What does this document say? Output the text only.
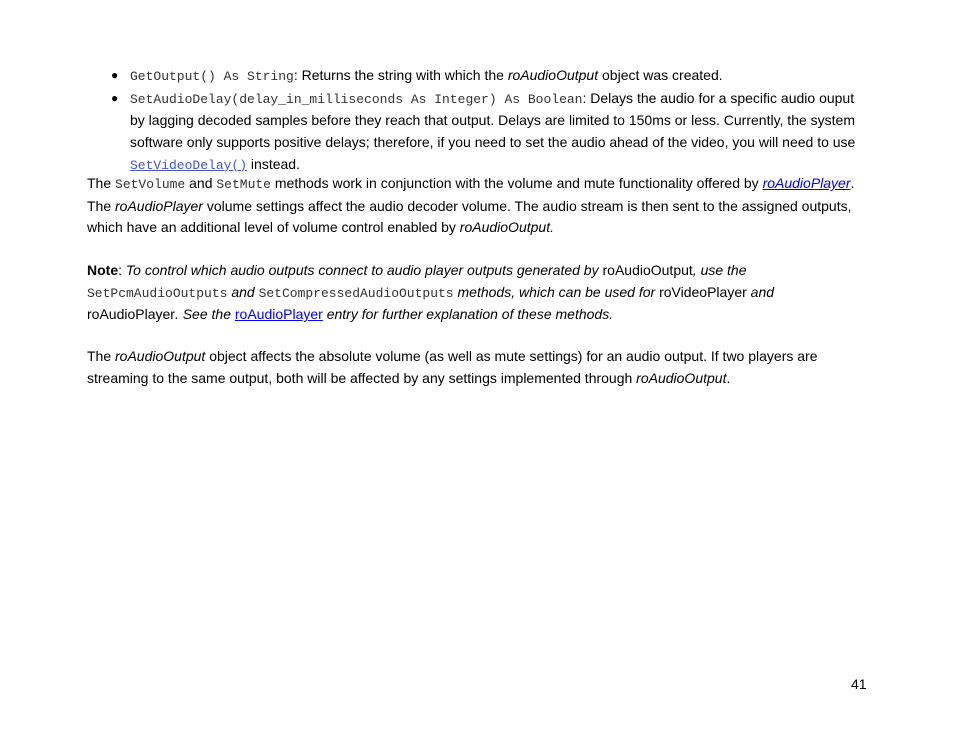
● GetOutput() As String: Returns the string with which the roAudioOutput object was created.
● SetAudioDelay(delay_in_milliseconds As Integer) As Boolean: Delays the audio for a specific audio ouput by lagging decoded samples before they reach that output. Delays are limited to 150ms or less. Currently, the system software only supports positive delays; therefore, if you need to set the audio ahead of the video, you will need to use SetVideoDelay() instead.

The SetVolume and SetMute methods work in conjunction with the volume and mute functionality offered by roAudioPlayer. The roAudioPlayer volume settings affect the audio decoder volume. The audio stream is then sent to the assigned outputs, which have an additional level of volume control enabled by roAudioOutput.

Note: To control which audio outputs connect to audio player outputs generated by roAudioOutput, use the SetPcmAudioOutputs and SetCompressedAudioOutputs methods, which can be used for roVideoPlayer and roAudioPlayer. See the roAudioPlayer entry for further explanation of these methods.

The roAudioOutput object affects the absolute volume (as well as mute settings) for an audio output. If two players are streaming to the same output, both will be affected by any settings implemented through roAudioOutput.

41
